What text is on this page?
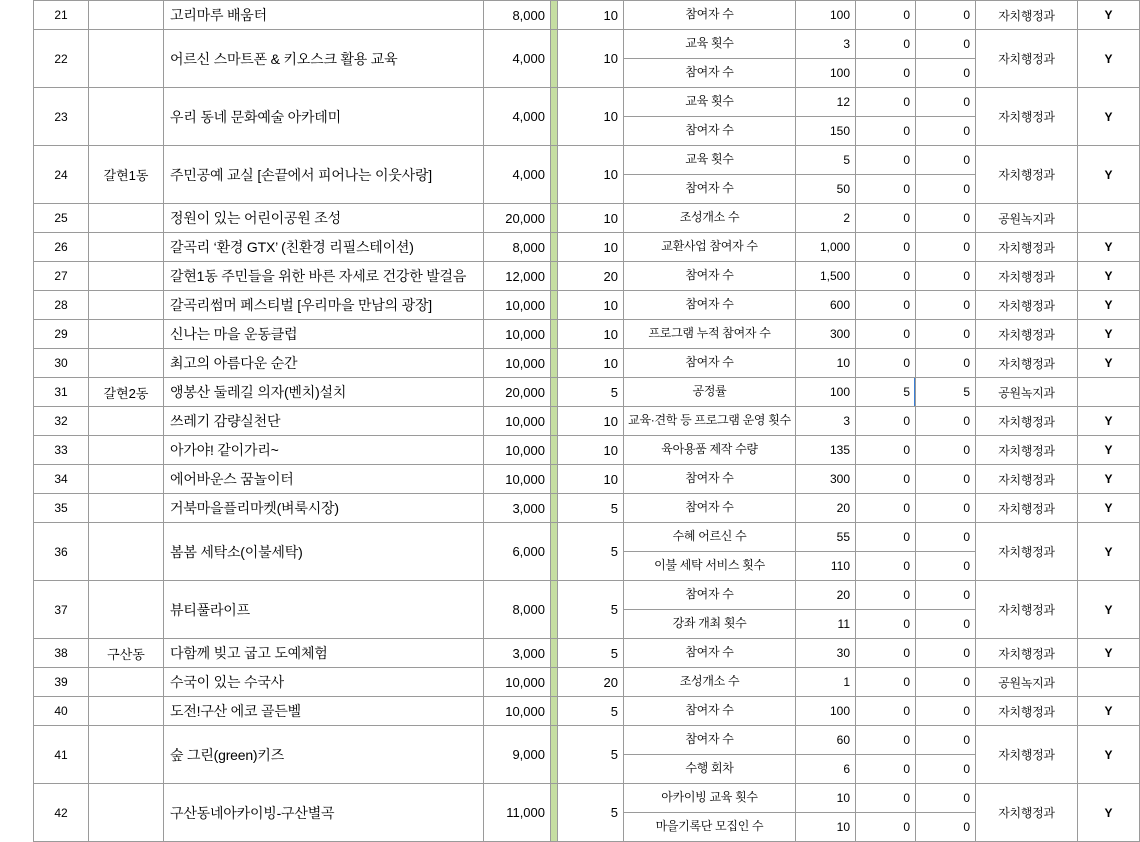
21		고리마루 배움터	8,000		10	참여자 수	100	0	0	자치행정과	Y
22		어르신 스마트폰 & 키오스크 활용 교육	4,000		10	교육 횟수	3	0	0	자치행정과	Y
						참여자 수	100	0	0		
23		우리 동네 문화예술 아카데미	4,000		10	교육 횟수	12	0	0	자치행정과	Y
						참여자 수	150	0	0		
24	갈현1동	주민공예 교실 [손끝에서 피어나는 이웃사랑]	4,000		10	교육 횟수	5	0	0	자치행정과	Y
						참여자 수	50	0	0		
25		정원이 있는 어린이공원 조성	20,000		10	조성개소 수	2	0	0	공원녹지과	
26		갈곡리 ‘환경 GTX’ (친환경 리필스테이션)	8,000		10	교환사업 참여자 수	1,000	0	0	자치행정과	Y
27		갈현1동 주민들을 위한 바른 자세로 건강한 발걸음	12,000		20	참여자 수	1,500	0	0	자치행정과	Y
28		갈곡리썸머 페스티벌 [우리마을 만남의 광장]	10,000		10	참여자 수	600	0	0	자치행정과	Y
29		신나는 마을 운동클럽	10,000		10	프로그램 누적 참여자 수	300	0	0	자치행정과	Y
30		최고의 아름다운 순간	10,000		10	참여자 수	10	0	0	자치행정과	Y
31	갈현2동	앵봉산 둘레길 의자(벤치)설치	20,000		5	공정률	100	5	5	공원녹지과	
32		쓰레기 감량실천단	10,000		10	교육·견학 등 프로그램 운영 횟수	3	0	0	자치행정과	Y
33		아가야! 같이가리~	10,000		10	육아용품 제작 수량	135	0	0	자치행정과	Y
34		에어바운스 꿈놀이터	10,000		10	참여자 수	300	0	0	자치행정과	Y
35		거북마을플리마켓(벼룩시장)	3,000		5	참여자 수	20	0	0	자치행정과	Y
36		봄봄 세탁소(이불세탁)	6,000		5	수혜 어르신 수	55	0	0	자치행정과	Y
						이불 세탁 서비스 횟수	110	0	0		
37		뷰티풀라이프	8,000		5	참여자 수	20	0	0	자치행정과	Y
						강좌 개최 횟수	11	0	0		
38	구산동	다함께 빚고 굽고 도예체험	3,000		5	참여자 수	30	0	0	자치행정과	Y
39		수국이 있는 수국사	10,000		20	조성개소 수	1	0	0	공원녹지과	
40		도전!구산 에코 골든벨	10,000		5	참여자 수	100	0	0	자치행정과	Y
41		숲 그린(green)키즈	9,000		5	참여자 수	60	0	0	자치행정과	Y
						수행 회차	6	0	0		
42		구산동네아카이빙-구산별곡	11,000		5	아카이빙 교육 횟수	10	0	0	자치행정과	Y
						마을기록단 모집인 수	10	0	0		
